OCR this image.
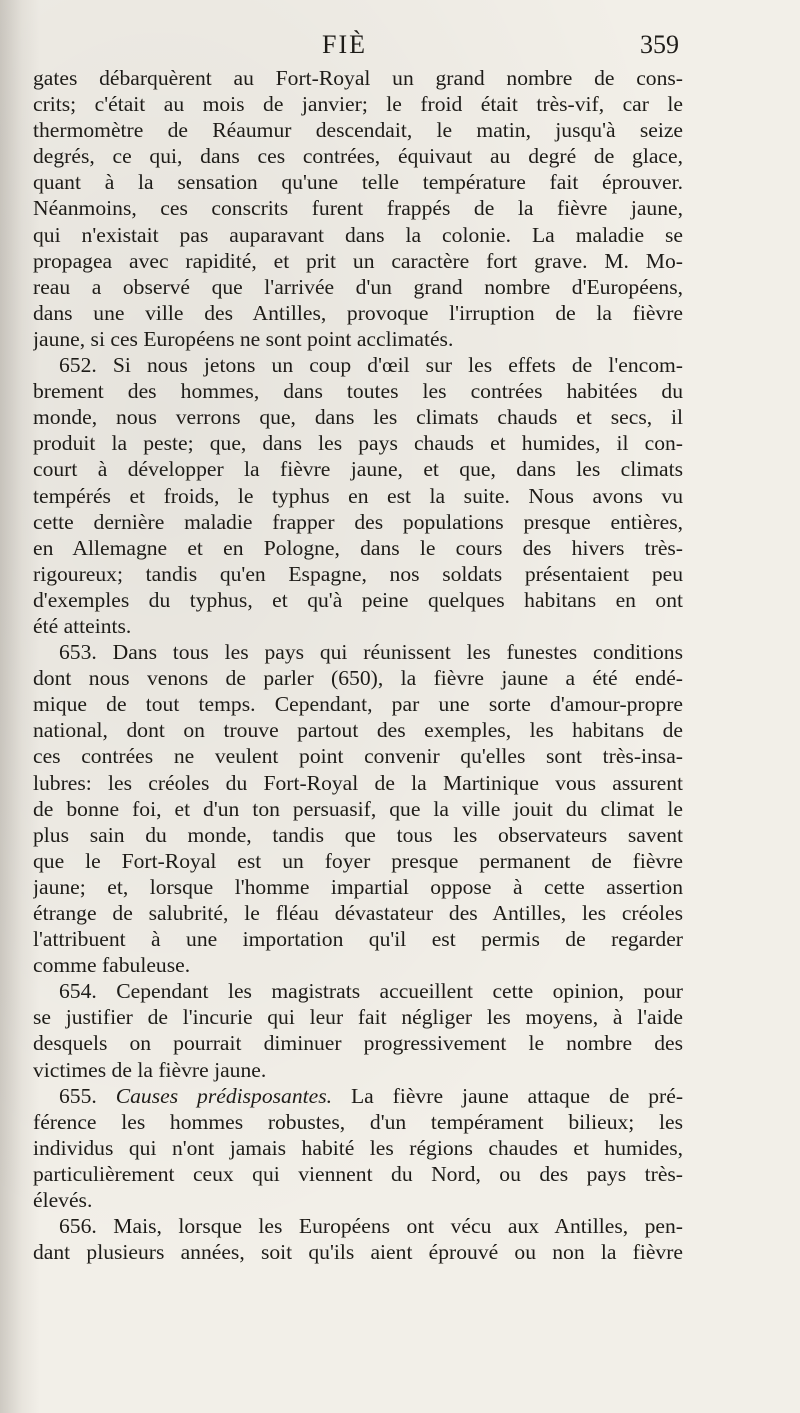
FIÈ	359
gates débarquèrent au Fort-Royal un grand nombre de cons-
crits; c'était au mois de janvier; le froid était très-vif, car le
thermomètre de Réaumur descendait, le matin, jusqu'à seize
degrés, ce qui, dans ces contrées, équivaut au degré de glace,
quant à la sensation qu'une telle température fait éprouver.
Néanmoins, ces conscrits furent frappés de la fièvre jaune,
qui n'existait pas auparavant dans la colonie. La maladie se
propagea avec rapidité, et prit un caractère fort grave. M. Mo-
reau a observé que l'arrivée d'un grand nombre d'Européens,
dans une ville des Antilles, provoque l'irruption de la fièvre
jaune, si ces Européens ne sont point acclimatés.
652. Si nous jetons un coup d'œil sur les effets de l'encom-
brement des hommes, dans toutes les contrées habitées du
monde, nous verrons que, dans les climats chauds et secs, il
produit la peste; que, dans les pays chauds et humides, il con-
court à développer la fièvre jaune, et que, dans les climats
tempérés et froids, le typhus en est la suite. Nous avons vu
cette dernière maladie frapper des populations presque entières,
en Allemagne et en Pologne, dans le cours des hivers très-
rigoureux; tandis qu'en Espagne, nos soldats présentaient peu
d'exemples du typhus, et qu'à peine quelques habitans en ont
été atteints.
653. Dans tous les pays qui réunissent les funestes conditions
dont nous venons de parler (650), la fièvre jaune a été endé-
mique de tout temps. Cependant, par une sorte d'amour-propre
national, dont on trouve partout des exemples, les habitans de
ces contrées ne veulent point convenir qu'elles sont très-insa-
lubres: les créoles du Fort-Royal de la Martinique vous assurent
de bonne foi, et d'un ton persuasif, que la ville jouit du climat le
plus sain du monde, tandis que tous les observateurs savent
que le Fort-Royal est un foyer presque permanent de fièvre
jaune; et, lorsque l'homme impartial oppose à cette assertion
étrange de salubrité, le fléau dévastateur des Antilles, les créoles
l'attribuent à une importation qu'il est permis de regarder
comme fabuleuse.
654. Cependant les magistrats accueillent cette opinion, pour
se justifier de l'incurie qui leur fait négliger les moyens, à l'aide
desquels on pourrait diminuer progressivement le nombre des
victimes de la fièvre jaune.
655. Causes prédisposantes. La fièvre jaune attaque de pré-
férence les hommes robustes, d'un tempérament bilieux; les
individus qui n'ont jamais habité les régions chaudes et humides,
particulièrement ceux qui viennent du Nord, ou des pays très-
élevés.
656. Mais, lorsque les Européens ont vécu aux Antilles, pen-
dant plusieurs années, soit qu'ils aient éprouvé ou non la fièvre
